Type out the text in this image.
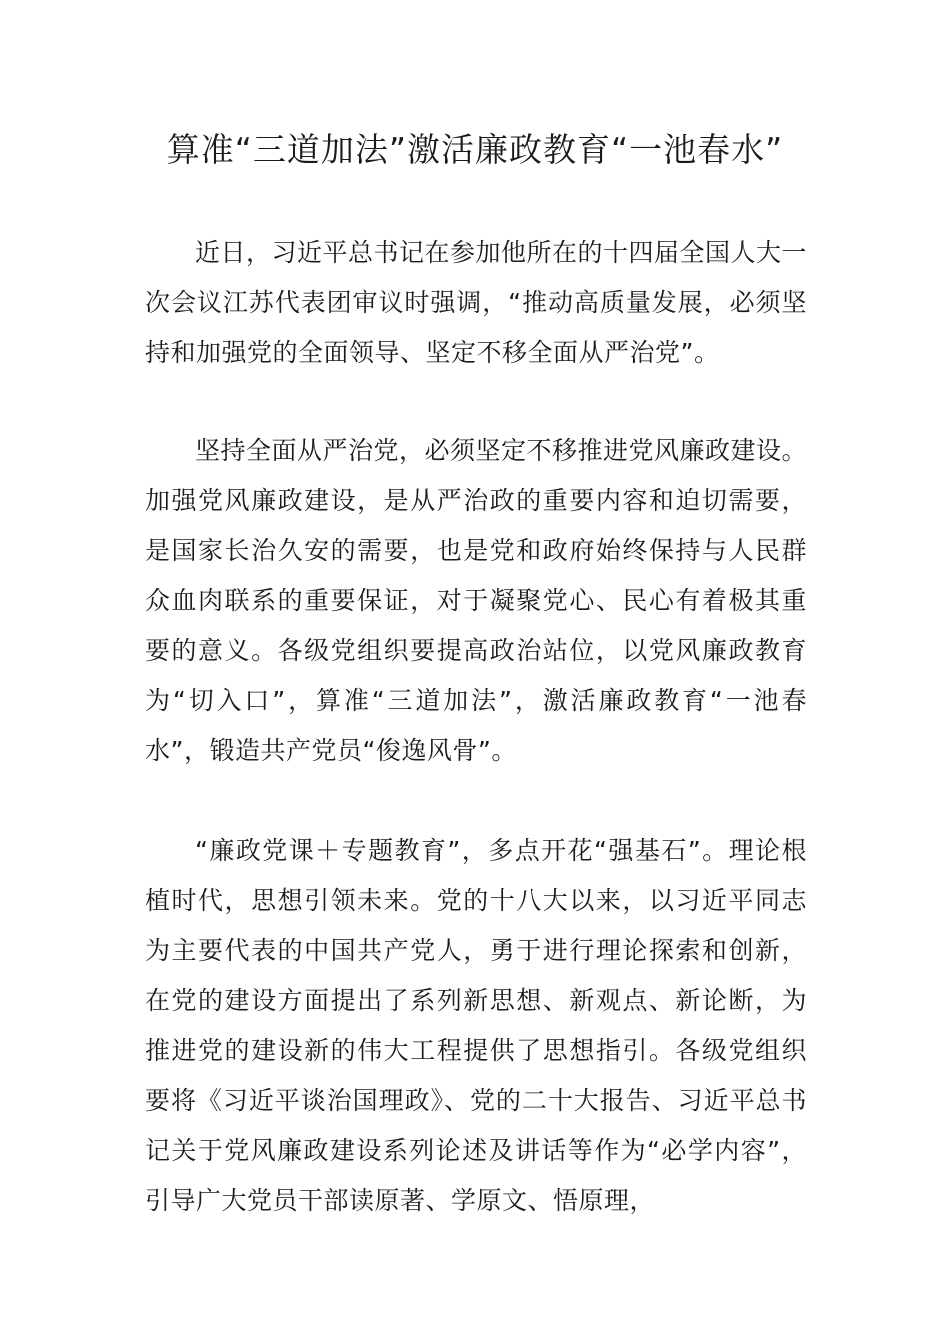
算准“三道加法”激活廉政教育“一池春水”

近日，习近平总书记在参加他所在的十四届全国人大一次会议江苏代表团审议时强调，“推动高质量发展，必须坚持和加强党的全面领导、坚定不移全面从严治党”。

坚持全面从严治党，必须坚定不移推进党风廉政建设。加强党风廉政建设，是从严治政的重要内容和迫切需要，是国家长治久安的需要，也是党和政府始终保持与人民群众血肉联系的重要保证，对于凝聚党心、民心有着极其重要的意义。各级党组织要提高政治站位，以党风廉政教育为“切入口”，算准“三道加法”，激活廉政教育“一池春水”，锻造共产党员“俊逸风骨”。

“廉政党课＋专题教育”，多点开花“强基石”。理论根植时代，思想引领未来。党的十八大以来，以习近平同志为主要代表的中国共产党人，勇于进行理论探索和创新，在党的建设方面提出了系列新思想、新观点、新论断，为推进党的建设新的伟大工程提供了思想指引。各级党组织要将《习近平谈治国理政》、党的二十大报告、习近平总书记关于党风廉政建设系列论述及讲话等作为“必学内容”，引导广大党员干部读原著、学原文、悟原理，
